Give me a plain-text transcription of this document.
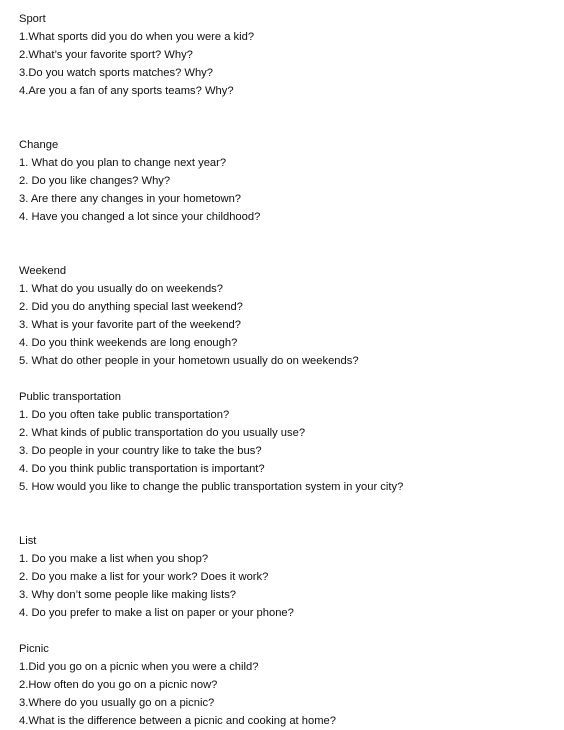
Sport
1.What sports did you do when you were a kid?
2.What’s your favorite sport? Why?
3.Do you watch sports matches? Why?
4.Are you a fan of any sports teams? Why?
Change
1. What do you plan to change next year?
2. Do you like changes? Why?
3. Are there any changes in your hometown?
4. Have you changed a lot since your childhood?
Weekend
1. What do you usually do on weekends?
2. Did you do anything special last weekend?
3. What is your favorite part of the weekend?
4. Do you think weekends are long enough?
5. What do other people in your hometown usually do on weekends?
Public transportation
1. Do you often take public transportation?
2. What kinds of public transportation do you usually use?
3. Do people in your country like to take the bus?
4. Do you think public transportation is important?
5. How would you like to change the public transportation system in your city?
List
1. Do you make a list when you shop?
2. Do you make a list for your work? Does it work?
3. Why don’t some people like making lists?
4. Do you prefer to make a list on paper or your phone?
Picnic
1.Did you go on a picnic when you were a child?
2.How often do you go on a picnic now?
3.Where do you usually go on a picnic?
4.What is the difference between a picnic and cooking at home?
